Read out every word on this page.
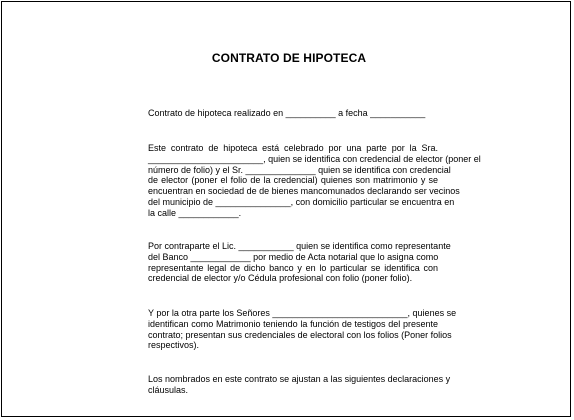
CONTRATO DE HIPOTECA

Contrato de hipoteca realizado en __________ a fecha ___________

Este contrato de hipoteca está celebrado por una parte por la Sra.
_______________________, quien se identifica con credencial de elector (poner el
número de folio) y el Sr. ______________ quien se identifica con credencial
de elector (poner el folio de la credencial) quienes son matrimonio y se
encuentran en sociedad de de bienes mancomunados declarando ser vecinos
del municipio de _______________, con domicilio particular se encuentra en
la calle ____________.

Por contraparte el Lic. ___________ quien se identifica como representante
del Banco ____________ por medio de Acta notarial que lo asigna como
representante legal de dicho banco y en lo particular se identifica con
credencial de elector y/o Cédula profesional con folio (poner folio).

Y por la otra parte los Señores ___________________________, quienes se
identifican como Matrimonio teniendo la función de testigos del presente
contrato; presentan sus credenciales de electoral con los folios (Poner folios
respectivos).

Los nombrados en este contrato se ajustan a las siguientes declaraciones y
cláusulas.
